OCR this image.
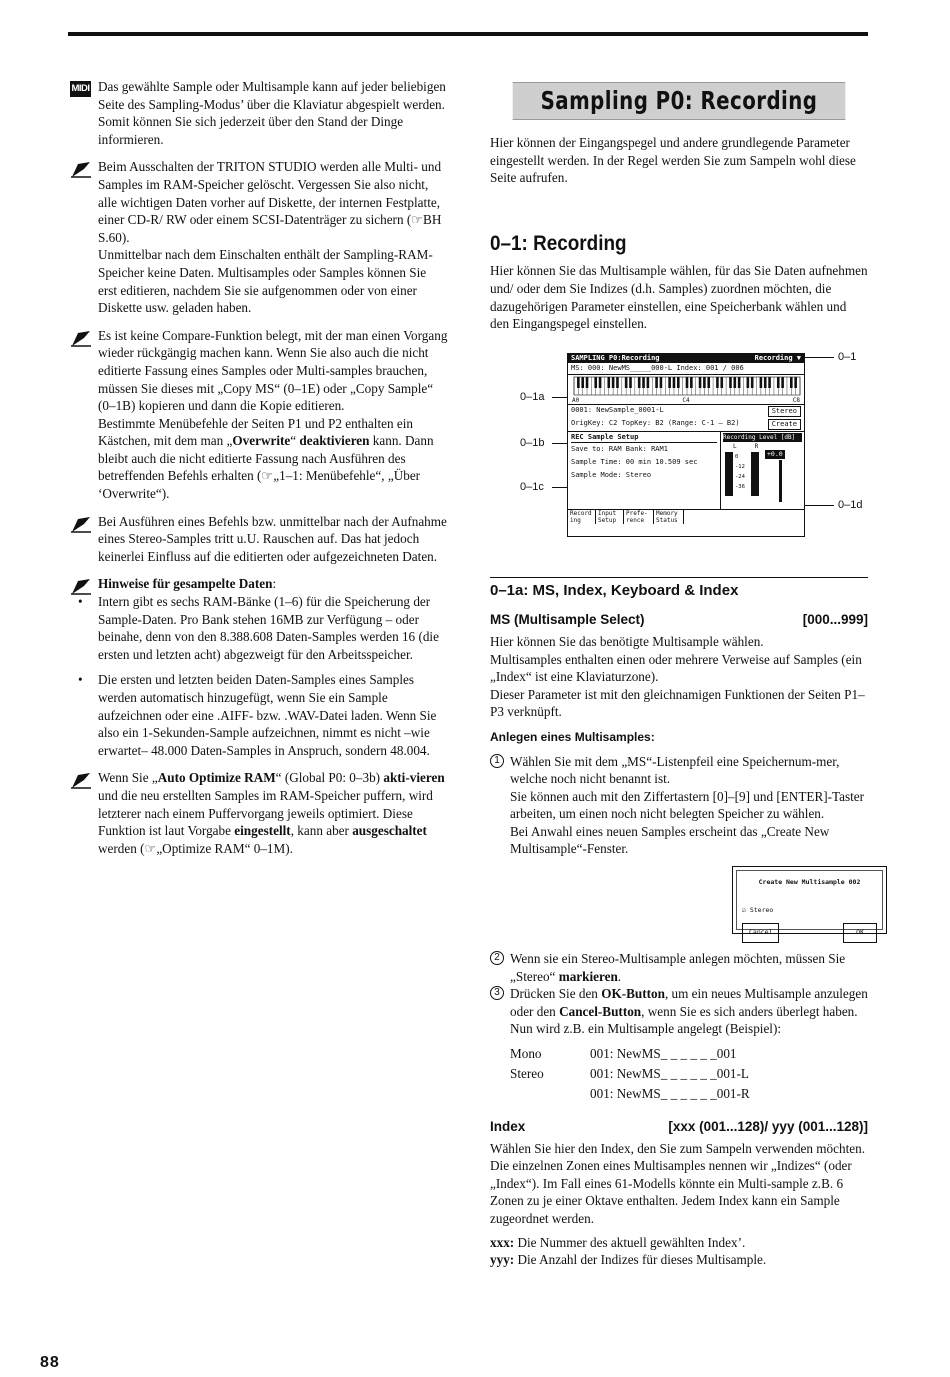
MIDI Das gewählte Sample oder Multisample kann auf jeder beliebigen Seite des Sampling-Modus’ über die Klaviatur abgespielt werden. Somit können Sie sich jederzeit über den Stand der Dinge informieren.
Beim Ausschalten der TRITON STUDIO werden alle Multi- und Samples im RAM-Speicher gelöscht. Vergessen Sie also nicht, alle wichtigen Daten vorher auf Diskette, der internen Festplatte, einer CD-R/ RW oder einem SCSI-Datenträger zu sichern (☞BH S.60).
Unmittelbar nach dem Einschalten enthält der Sampling-RAM-Speicher keine Daten. Multisamples oder Samples können Sie erst editieren, nachdem Sie sie aufgenommen oder von einer Diskette usw. geladen haben.
Es ist keine Compare-Funktion belegt, mit der man einen Vorgang wieder rückgängig machen kann. Wenn Sie also auch die nicht editierte Fassung eines Samples oder Multi-samples brauchen, müssen Sie dieses mit „Copy MS“ (0–1E) oder „Copy Sample“ (0–1B) kopieren und dann die Kopie editieren.
Bestimmte Menübefehle der Seiten P1 und P2 enthalten ein Kästchen, mit dem man „Overwrite“ deaktivieren kann. Dann bleibt auch die nicht editierte Fassung nach Ausführen des betreffenden Befehls erhalten (☞„1–1: Menübefehle“, „Über ‘Overwrite“).
Bei Ausführen eines Befehls bzw. unmittelbar nach der Aufnahme eines Stereo-Samples tritt u.U. Rauschen auf. Das hat jedoch keinerlei Einfluss auf die editierten oder aufgezeichneten Daten.
Hinweise für gesampelte Daten:
• Intern gibt es sechs RAM-Bänke (1–6) für die Speicherung der Sample-Daten. Pro Bank stehen 16MB zur Verfügung – oder beinahe, denn von den 8.388.608 Daten-Samples werden 16 (die ersten und letzten acht) abgezweigt für den Arbeitsspeicher.
• Die ersten und letzten beiden Daten-Samples eines Samples werden automatisch hinzugefügt, wenn Sie ein Sample aufzeichnen oder eine .AIFF- bzw. .WAV-Datei laden. Wenn Sie also ein 1-Sekunden-Sample aufzeichnen, nimmt es nicht –wie erwartet– 48.000 Daten-Samples in Anspruch, sondern 48.004.
Wenn Sie „Auto Optimize RAM“ (Global P0: 0–3b) akti-vieren und die neu erstellten Samples im RAM-Speicher puffern, wird letzterer nach einem Puffervorgang jeweils optimiert. Diese Funktion ist laut Vorgabe eingestellt, kann aber ausgeschaltet werden (☞„Optimize RAM“ 0–1M).
Sampling P0: Recording
Hier können der Eingangspegel und andere grundlegende Parameter eingestellt werden. In der Regel werden Sie zum Sampeln wohl diese Seite aufrufen.
0–1: Recording
Hier können Sie das Multisample wählen, für das Sie Daten aufnehmen und/ oder dem Sie Indizes (d.h. Samples) zuordnen möchten, die dazugehörigen Parameter einstellen, eine Speicherbank wählen und den Eingangspegel einstellen.
0–1
0–1a
0–1b
0–1c
0–1d
SAMPLING P0:Recording	Recording ▼
MS: 000: NewMS_____000-L Index: 001 / 006
A0	C4	C8
0001: NewSample_0001-L	Stereo
OrigKey: C2 TopKey: B2 (Range: C-1 – B2)	Create
REC Sample Setup
Save to: RAM Bank: RAM1
Sample Time: 00 min 10.509 sec
Sample Mode: Stereo
Recording Level [dB]
L	R
0
-12
-24
-36
+0.0
Record ing
Input Setup
Prefe-rence
Memory Status
0–1a: MS, Index, Keyboard & Index
MS (Multisample Select)	[000...999]
Hier können Sie das benötigte Multisample wählen.
Multisamples enthalten einen oder mehrere Verweise auf Samples (ein „Index“ ist eine Klaviaturzone).
Dieser Parameter ist mit den gleichnamigen Funktionen der Seiten P1–P3 verknüpft.
Anlegen eines Multisamples:
1 Wählen Sie mit dem „MS“-Listenpfeil eine Speichernum-mer, welche noch nicht benannt ist.
Sie können auch mit den Ziffertastern [0]–[9] und [ENTER]-Taster arbeiten, um einen noch nicht belegten Speicher zu wählen.
Bei Anwahl eines neuen Samples erscheint das „Create New Multisample“-Fenster.
Create New Multisample 002
☑ Stereo
Cancel	OK
2 Wenn sie ein Stereo-Multisample anlegen möchten, müssen Sie „Stereo“ markieren.
3 Drücken Sie den OK-Button, um ein neues Multisample anzulegen oder den Cancel-Button, wenn Sie es sich anders überlegt haben.
Nun wird z.B. ein Multisample angelegt (Beispiel):
Mono	001: NewMS_ _ _ _ _ _001
Stereo	001: NewMS_ _ _ _ _ _001-L
001: NewMS_ _ _ _ _ _001-R
Index	[xxx (001...128)/ yyy (001...128)]
Wählen Sie hier den Index, den Sie zum Sampeln verwenden möchten.
Die einzelnen Zonen eines Multisamples nennen wir „Indizes“ (oder „Index“). Im Fall eines 61-Modells könnte ein Multi-sample z.B. 6 Zonen zu je einer Oktave enthalten. Jedem Index kann ein Sample zugeordnet werden.
xxx: Die Nummer des aktuell gewählten Index’.
yyy: Die Anzahl der Indizes für dieses Multisample.
88
